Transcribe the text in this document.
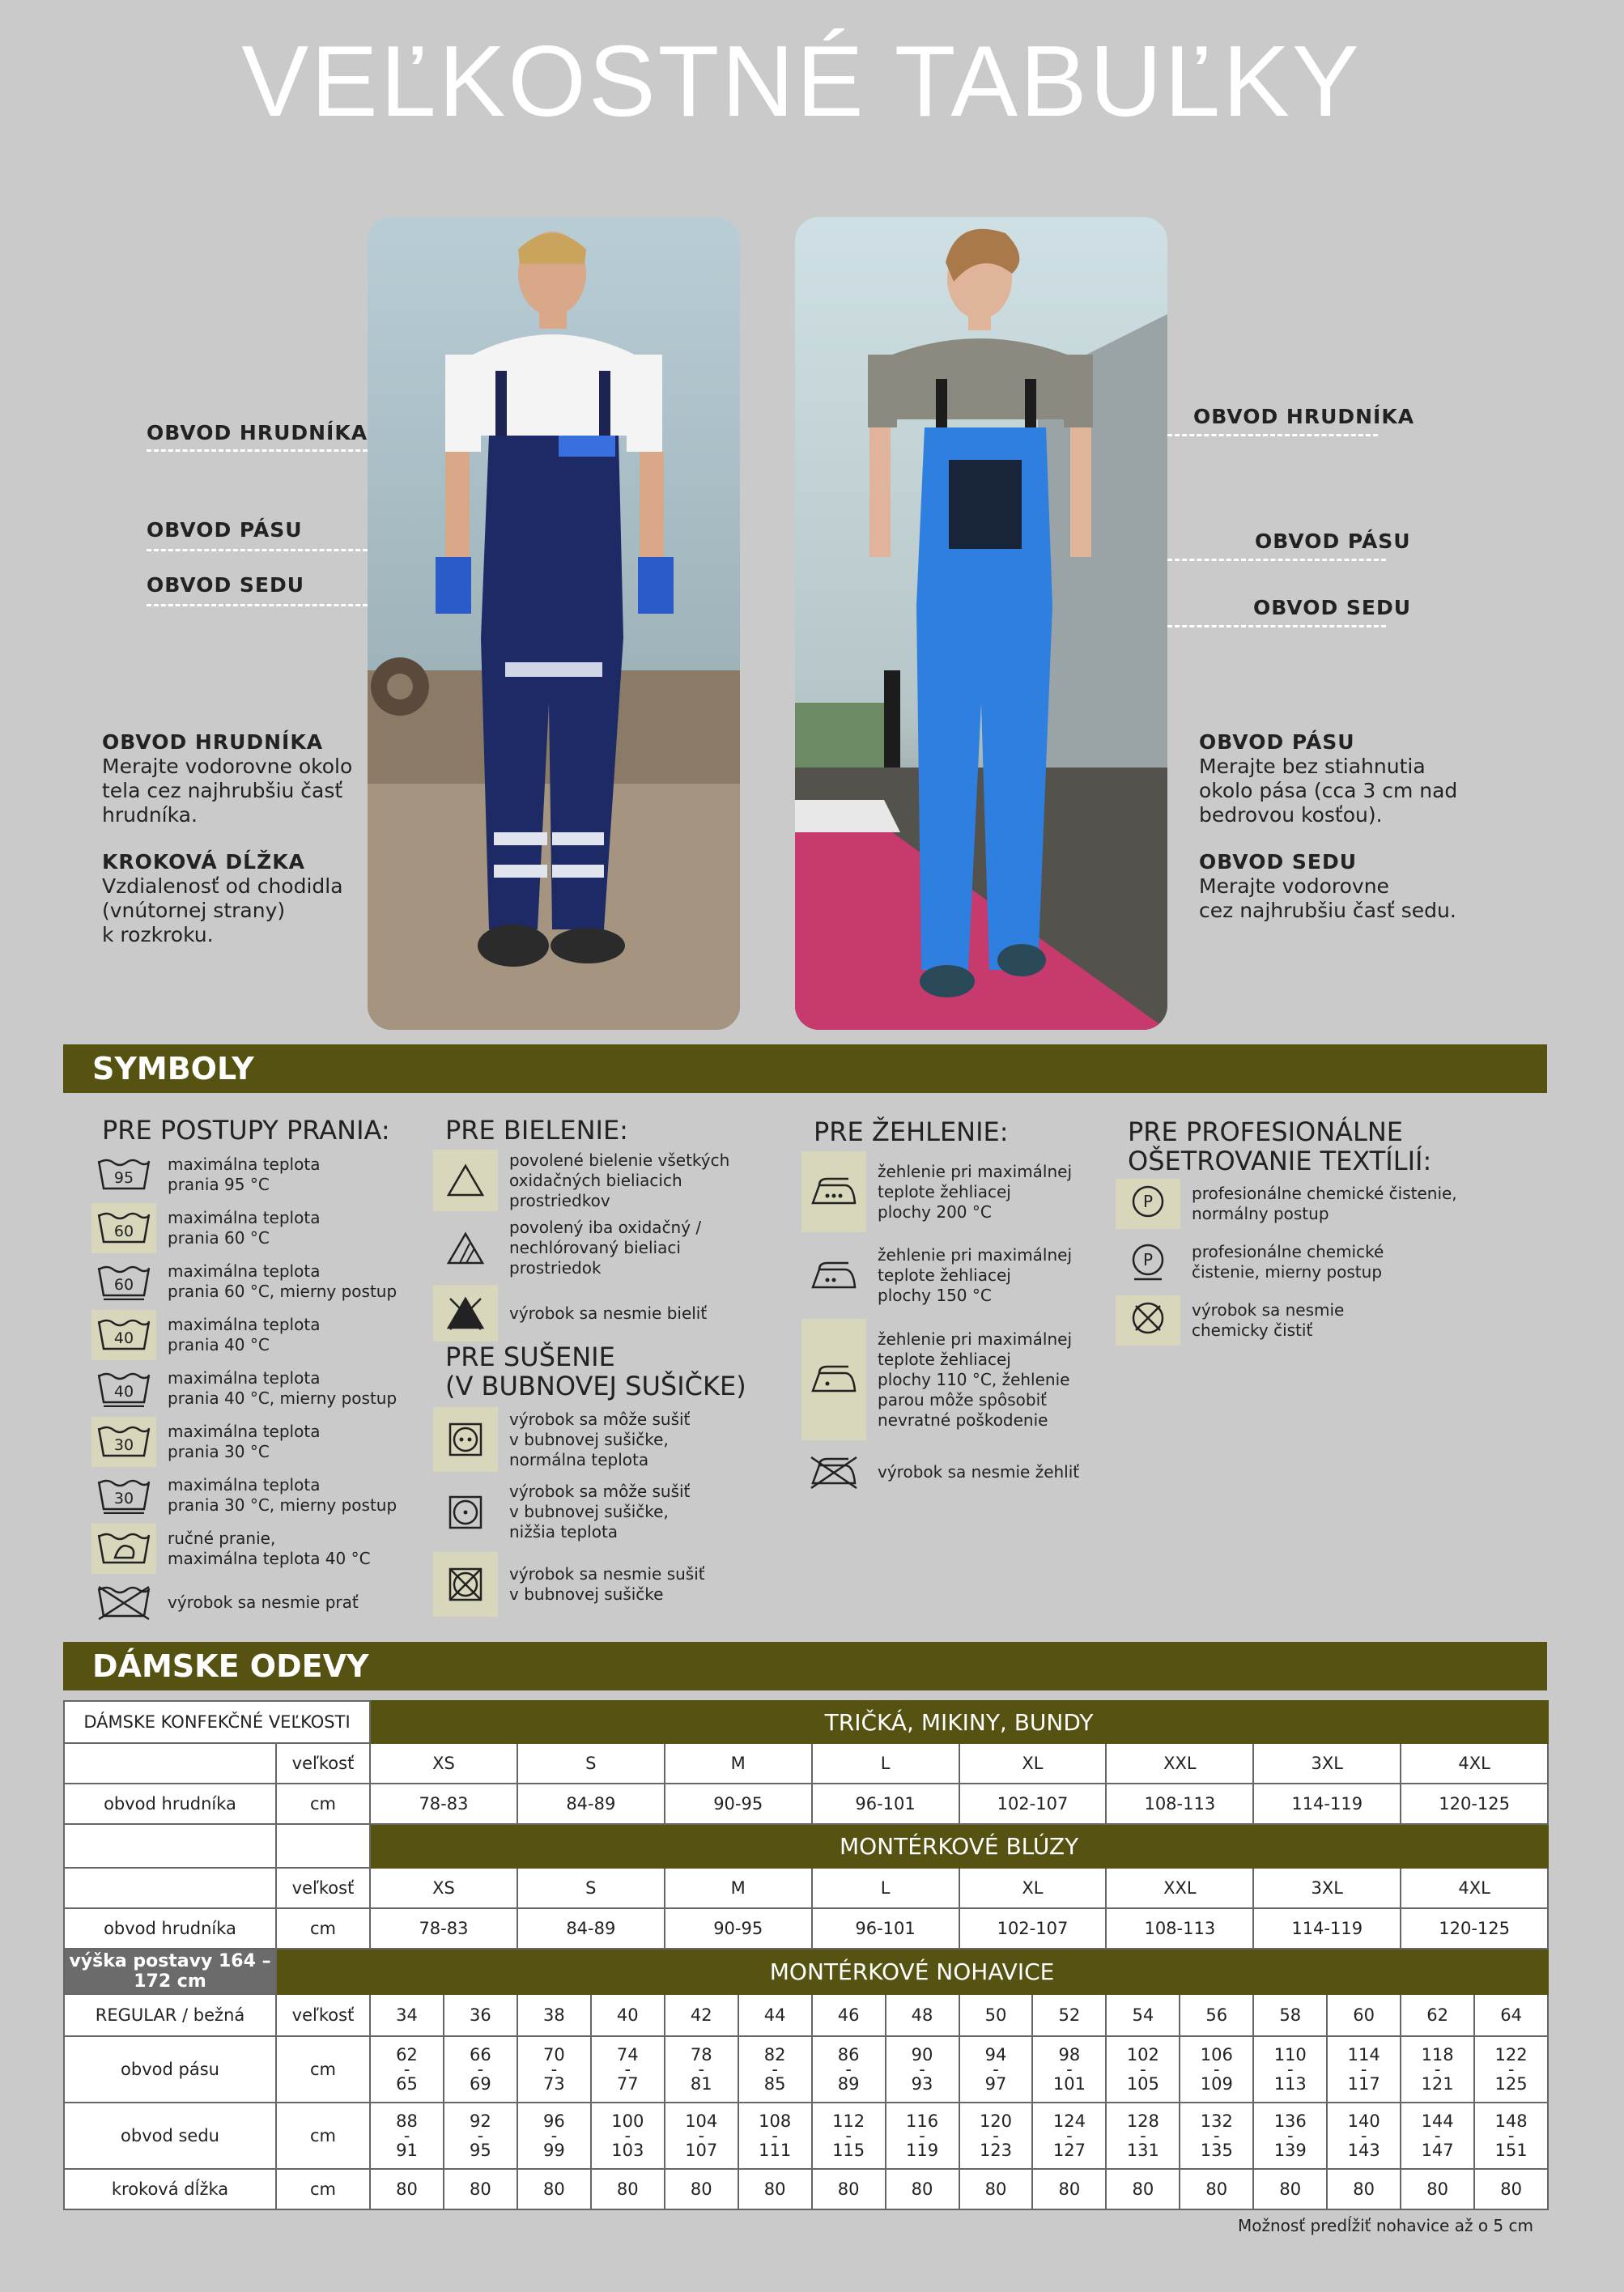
VEĽKOSTNÉ TABUĽKY
OBVOD HRUDNÍKA
OBVOD PÁSU
OBVOD SEDU
OBVOD HRUDNÍKA
OBVOD PÁSU
OBVOD SEDU

OBVOD HRUDNÍKA
Merajte vodorovne okolo
tela cez najhrubšiu časť
hrudníka.

KROKOVÁ DĹŽKA
Vzdialenosť od chodidla
(vnútornej strany)
k rozkroku.

OBVOD PÁSU
Merajte bez stiahnutia
okolo pása (cca 3 cm nad
bedrovou kosťou).

OBVOD SEDU
Merajte vodorovne
cez najhrubšiu časť sedu.

SYMBOLY
PRE POSTUPY PRANIA:
95
maximálna teplota
prania 95 °C
60
maximálna teplota
prania 60 °C
60
maximálna teplota
prania 60 °C, mierny postup
40
maximálna teplota
prania 40 °C
40
maximálna teplota
prania 40 °C, mierny postup
30
maximálna teplota
prania 30 °C
30
maximálna teplota
prania 30 °C, mierny postup
ručné pranie,
maximálna teplota 40 °C
výrobok sa nesmie prať
PRE BIELENIE:
povolené bielenie všetkých
oxidačných bieliacich
prostriedkov
povolený iba oxidačný /
nechlórovaný bieliaci
prostriedok
výrobok sa nesmie bieliť
PRE SUŠENIE
(V BUBNOVEJ SUŠIČKE)
výrobok sa môže sušiť
v bubnovej sušičke,
normálna teplota
výrobok sa môže sušiť
v bubnovej sušičke,
nižšia teplota
výrobok sa nesmie sušiť
v bubnovej sušičke
PRE ŽEHLENIE:
žehlenie pri maximálnej
teplote žehliacej
plochy 200 °C
žehlenie pri maximálnej
teplote žehliacej
plochy 150 °C
žehlenie pri maximálnej
teplote žehliacej
plochy 110 °C, žehlenie
parou môže spôsobiť
nevratné poškodenie
výrobok sa nesmie žehliť
PRE PROFESIONÁLNE
OŠETROVANIE TEXTÍLIÍ:
P profesionálne chemické čistenie,
normálny postup
P profesionálne chemické
čistenie, mierny postup
výrobok sa nesmie
chemicky čistiť
DÁMSKE ODEVY
DÁMSKE KONFEKČNÉ VEĽKOSTI		TRIČKÁ, MIKINY, BUNDY															
	veľkosť	XS		S		M		L		XL		XXL		3XL		4XL	
obvod hrudníka	cm	78-83		84-89		90-95		96-101		102-107		108-113		114-119		120-125	
		MONTÉRKOVÉ BLÚZY															
	veľkosť	XS		S		M		L		XL		XXL		3XL		4XL	
obvod hrudníka	cm	78-83		84-89		90-95		96-101		102-107		108-113		114-119		120-125	
výška postavy 164 – 172 cm	MONTÉRKOVÉ NOHAVICE																
REGULAR / bežná	veľkosť	34	36	38	40	42	44	46	48	50	52	54	56	58	60	62	64
obvod pásu	cm	62
-
65	66
-
69	70
-
73	74
-
77	78
-
81	82
-
85	86
-
89	90
-
93	94
-
97	98
-
101	102
-
105	106
-
109	110
-
113	114
-
117	118
-
121	122
-
125

obvod sedu	cm	88
-
91	92
-
95	96
-
99	100
-
103	104
-
107	108
-
111	112
-
115	116
-
119	120
-
123	124
-
127	128
-
131	132
-
135	136
-
139	140
-
143	144
-
147	148
-
151

kroková dĺžka	cm	80	80	80	80	80	80	80	80	80	80	80	80	80	80	80	80
Možnosť predĺžiť nohavice až o 5 cm
